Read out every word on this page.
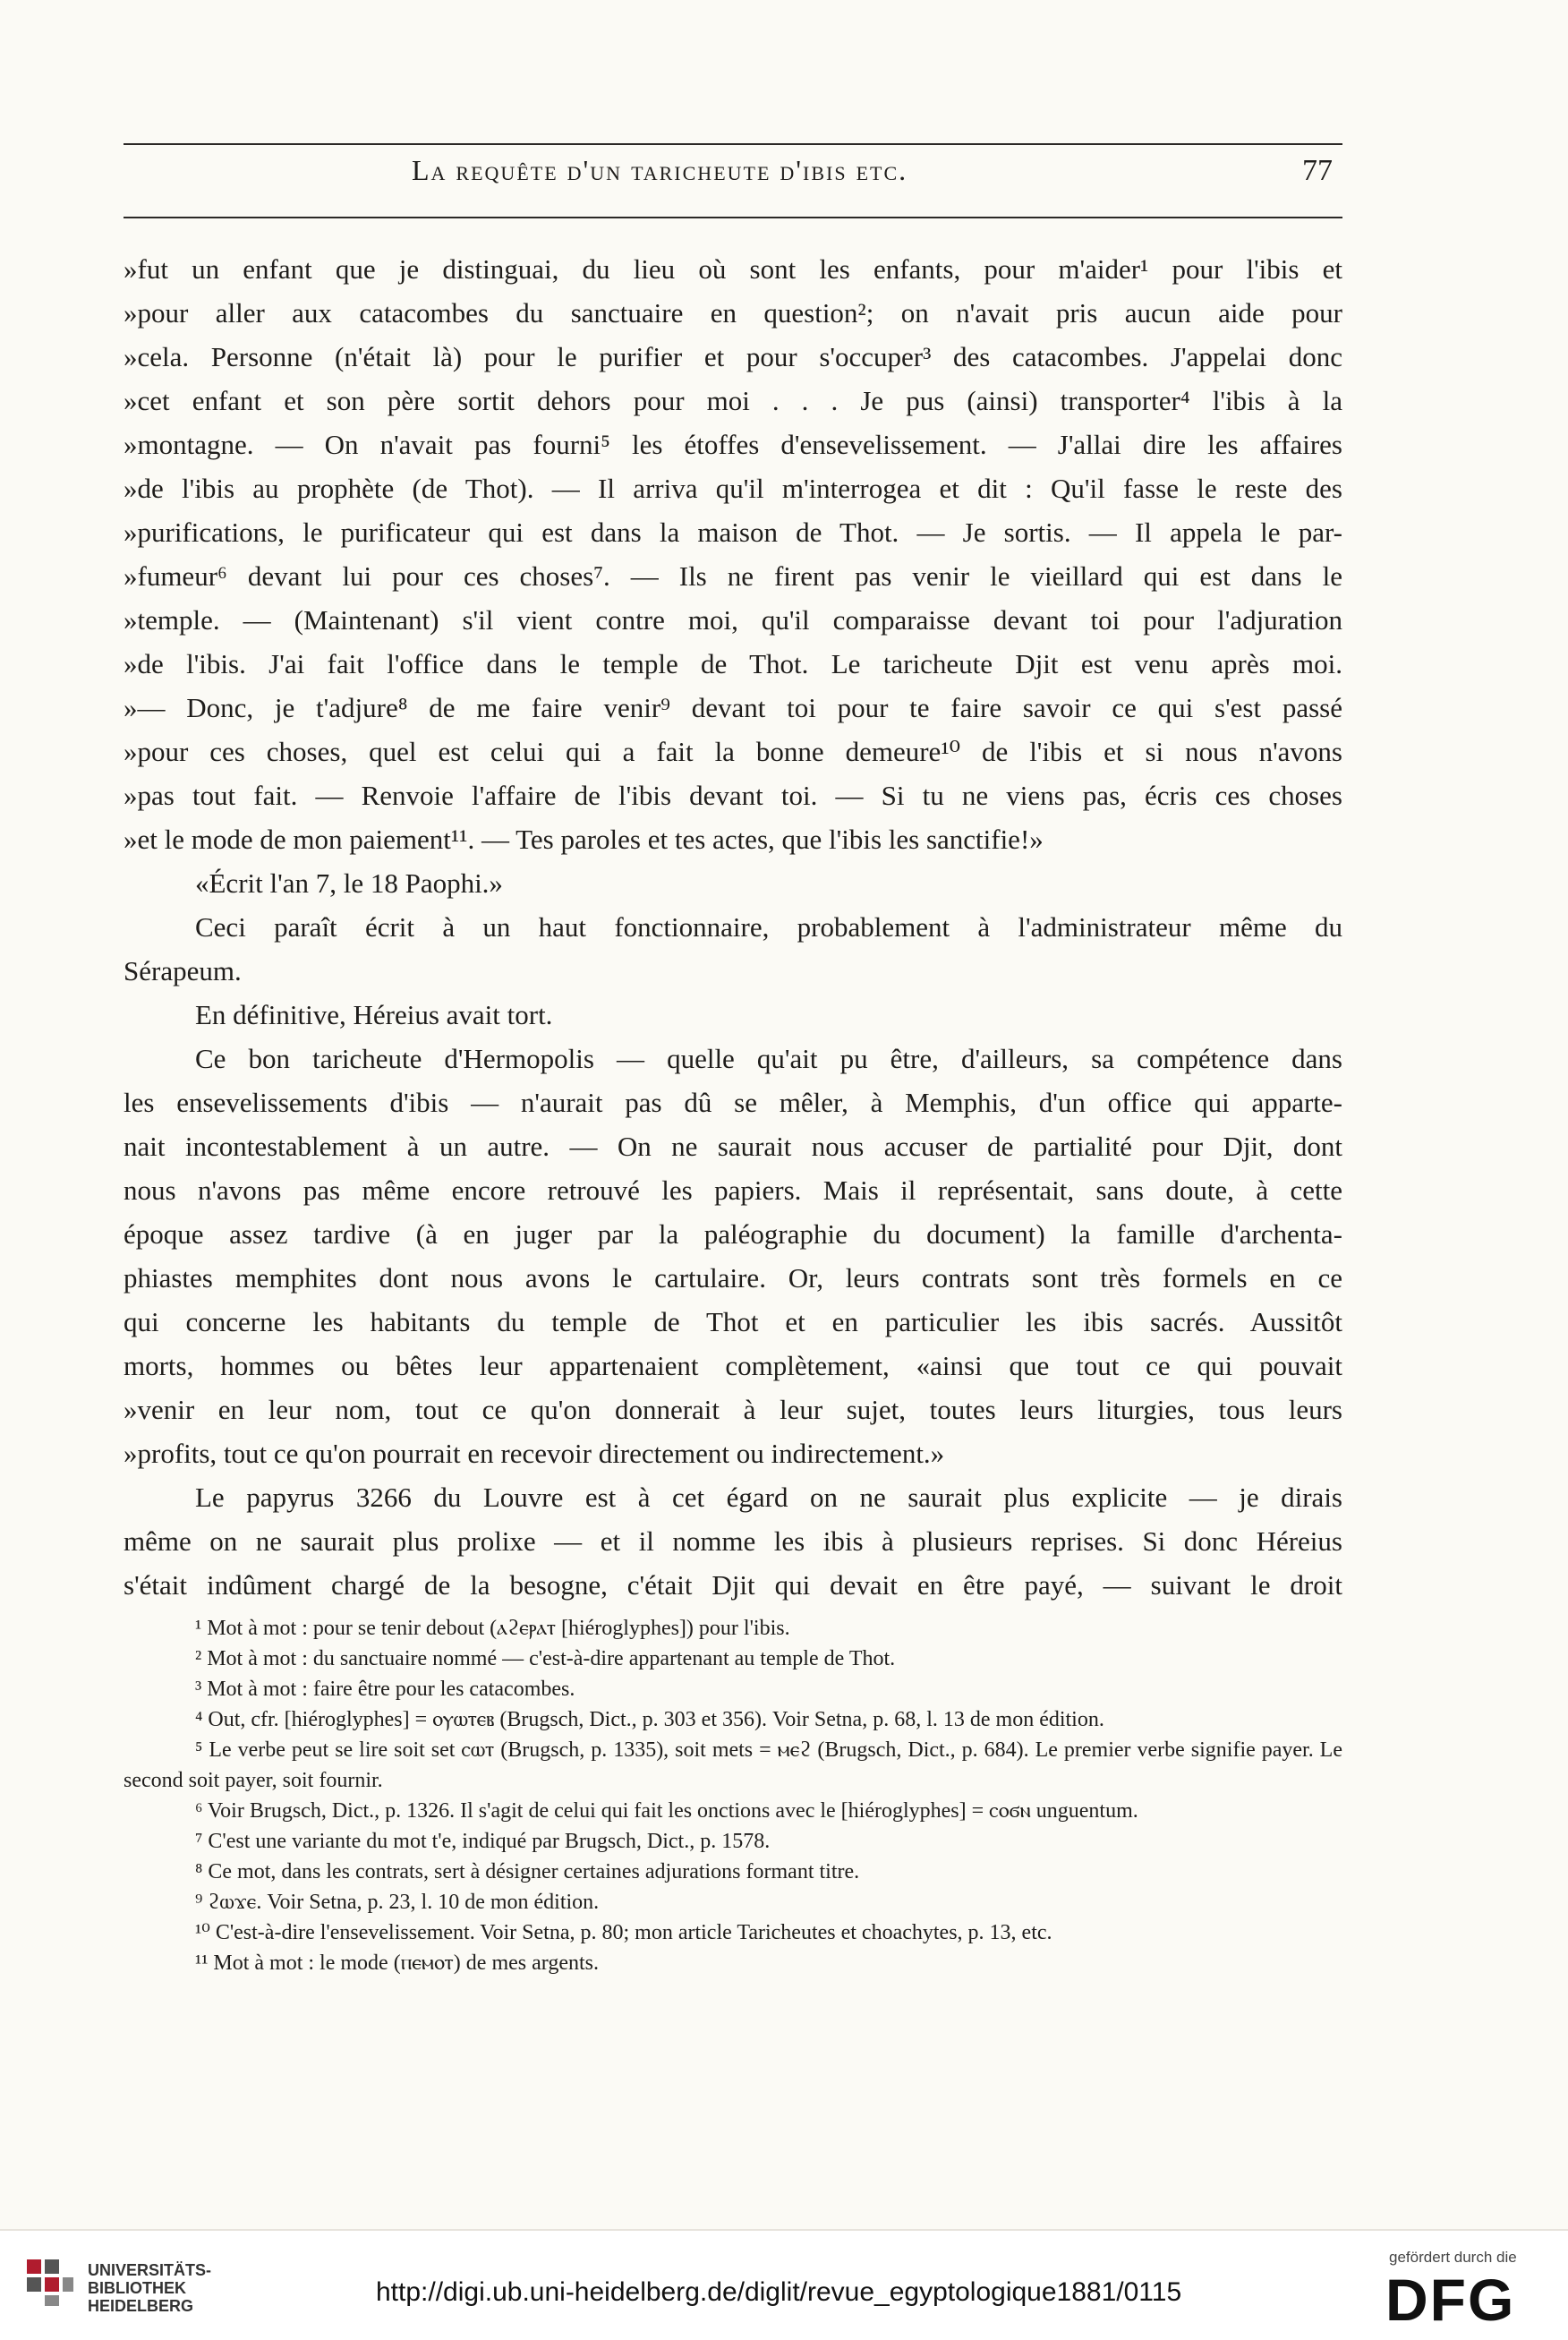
La requête d'un taricheute d'ibis etc.	77

»fut un enfant que je distinguai, du lieu où sont les enfants, pour m'aider¹ pour l'ibis et

»pour aller aux catacombes du sanctuaire en question²; on n'avait pris aucun aide pour

»cela. Personne (n'était là) pour le purifier et pour s'occuper³ des catacombes. J'appelai donc

»cet enfant et son père sortit dehors pour moi . . . Je pus (ainsi) transporter⁴ l'ibis à la

»montagne. — On n'avait pas fourni⁵ les étoffes d'ensevelissement. — J'allai dire les affaires

»de l'ibis au prophète (de Thot). — Il arriva qu'il m'interrogea et dit : Qu'il fasse le reste des

»purifications, le purificateur qui est dans la maison de Thot. — Je sortis. — Il appela le par-

»fumeur⁶ devant lui pour ces choses⁷. — Ils ne firent pas venir le vieillard qui est dans le

»temple. — (Maintenant) s'il vient contre moi, qu'il comparaisse devant toi pour l'adjuration

»de l'ibis. J'ai fait l'office dans le temple de Thot. Le taricheute Djit est venu après moi.

»— Donc, je t'adjure⁸ de me faire venir⁹ devant toi pour te faire savoir ce qui s'est passé

»pour ces choses, quel est celui qui a fait la bonne demeure¹⁰ de l'ibis et si nous n'avons

»pas tout fait. — Renvoie l'affaire de l'ibis devant toi. — Si tu ne viens pas, écris ces choses

»et le mode de mon paiement¹¹. — Tes paroles et tes actes, que l'ibis les sanctifie!»

«Écrit l'an 7, le 18 Paophi.»

Ceci paraît écrit à un haut fonctionnaire, probablement à l'administrateur même du

Sérapeum.

En définitive, Héreius avait tort.

Ce bon taricheute d'Hermopolis — quelle qu'ait pu être, d'ailleurs, sa compétence dans

les ensevelissements d'ibis — n'aurait pas dû se mêler, à Memphis, d'un office qui apparte-

nait incontestablement à un autre. — On ne saurait nous accuser de partialité pour Djit, dont

nous n'avons pas même encore retrouvé les papiers. Mais il représentait, sans doute, à cette

époque assez tardive (à en juger par la paléographie du document) la famille d'archenta-

phiastes memphites dont nous avons le cartulaire. Or, leurs contrats sont très formels en ce

qui concerne les habitants du temple de Thot et en particulier les ibis sacrés. Aussitôt

morts, hommes ou bêtes leur appartenaient complètement, «ainsi que tout ce qui pouvait

»venir en leur nom, tout ce qu'on donnerait à leur sujet, toutes leurs liturgies, tous leurs

»profits, tout ce qu'on pourrait en recevoir directement ou indirectement.»

Le papyrus 3266 du Louvre est à cet égard on ne saurait plus explicite — je dirais

même on ne saurait plus prolixe — et il nomme les ibis à plusieurs reprises. Si donc Héreius

s'était indûment chargé de la besogne, c'était Djit qui devait en être payé, — suivant le droit

¹ Mot à mot : pour se tenir debout (ⲁϩⲉⲣⲁⲧ [hiéroglyphes]) pour l'ibis.

² Mot à mot : du sanctuaire nommé — c'est-à-dire appartenant au temple de Thot.

³ Mot à mot : faire être pour les catacombes.

⁴ Out, cfr. [hiéroglyphes] = ⲟⲩⲱⲧⲉⲃ (Brugsch, Dict., p. 303 et 356). Voir Setna, p. 68, l. 13 de mon édition.

⁵ Le verbe peut se lire soit set ⲥⲱⲧ (Brugsch, p. 1335), soit mets = ⲙⲉϩ (Brugsch, Dict., p. 684). Le premier verbe signifie payer. Le second soit payer, soit fournir.

⁶ Voir Brugsch, Dict., p. 1326. Il s'agit de celui qui fait les onctions avec le [hiéroglyphes] = ⲥⲟϭⲛ unguentum.

⁷ C'est une variante du mot t'e, indiqué par Brugsch, Dict., p. 1578.

⁸ Ce mot, dans les contrats, sert à désigner certaines adjurations formant titre.

⁹ ϩⲱϫⲉ. Voir Setna, p. 23, l. 10 de mon édition.

¹⁰ C'est-à-dire l'ensevelissement. Voir Setna, p. 80; mon article Taricheutes et choachytes, p. 13, etc.

¹¹ Mot à mot : le mode (ⲡⲉⲙⲟⲧ) de mes argents.

UNIVERSITÄTS-
BIBLIOTHEK
HEIDELBERG	http://digi.ub.uni-heidelberg.de/diglit/revue_egyptologique1881/0115
gefördert durch die
DFG
